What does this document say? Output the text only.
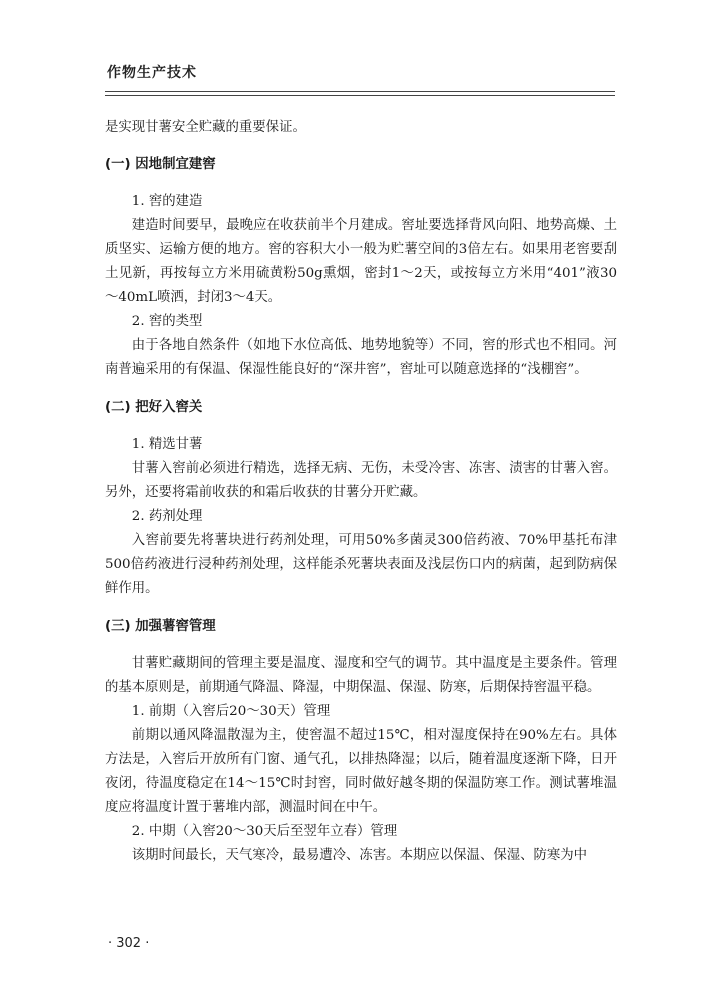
作物生产技术

是实现甘薯安全贮藏的重要保证。

(一) 因地制宜建窖

1. 窖的建造

建造时间要早，最晚应在收获前半个月建成。窖址要选择背风向阳、地势高燥、土质坚实、运输方便的地方。窖的容积大小一般为贮薯空间的3倍左右。如果用老窖要刮土见新，再按每立方米用硫黄粉50g熏烟，密封1～2天，或按每立方米用“401”液30～40mL喷洒，封闭3～4天。

2. 窖的类型

由于各地自然条件（如地下水位高低、地势地貌等）不同，窖的形式也不相同。河南普遍采用的有保温、保湿性能良好的“深井窖”，窖址可以随意选择的“浅棚窖”。

(二) 把好入窖关

1. 精选甘薯

甘薯入窖前必须进行精选，选择无病、无伤，未受冷害、冻害、渍害的甘薯入窖。另外，还要将霜前收获的和霜后收获的甘薯分开贮藏。

2. 药剂处理

入窖前要先将薯块进行药剂处理，可用50%多菌灵300倍药液、70%甲基托布津500倍药液进行浸种药剂处理，这样能杀死薯块表面及浅层伤口内的病菌，起到防病保鲜作用。

(三) 加强薯窖管理

甘薯贮藏期间的管理主要是温度、湿度和空气的调节。其中温度是主要条件。管理的基本原则是，前期通气降温、降湿，中期保温、保湿、防寒，后期保持窖温平稳。

1. 前期（入窖后20～30天）管理

前期以通风降温散湿为主，使窖温不超过15℃，相对湿度保持在90%左右。具体方法是，入窖后开放所有门窗、通气孔，以排热降湿；以后，随着温度逐渐下降，日开夜闭，待温度稳定在14～15℃时封窖，同时做好越冬期的保温防寒工作。测试薯堆温度应将温度计置于薯堆内部，测温时间在中午。

2. 中期（入窖20～30天后至翌年立春）管理

该期时间最长，天气寒冷，最易遭冷、冻害。本期应以保温、保湿、防寒为中

· 302 ·
